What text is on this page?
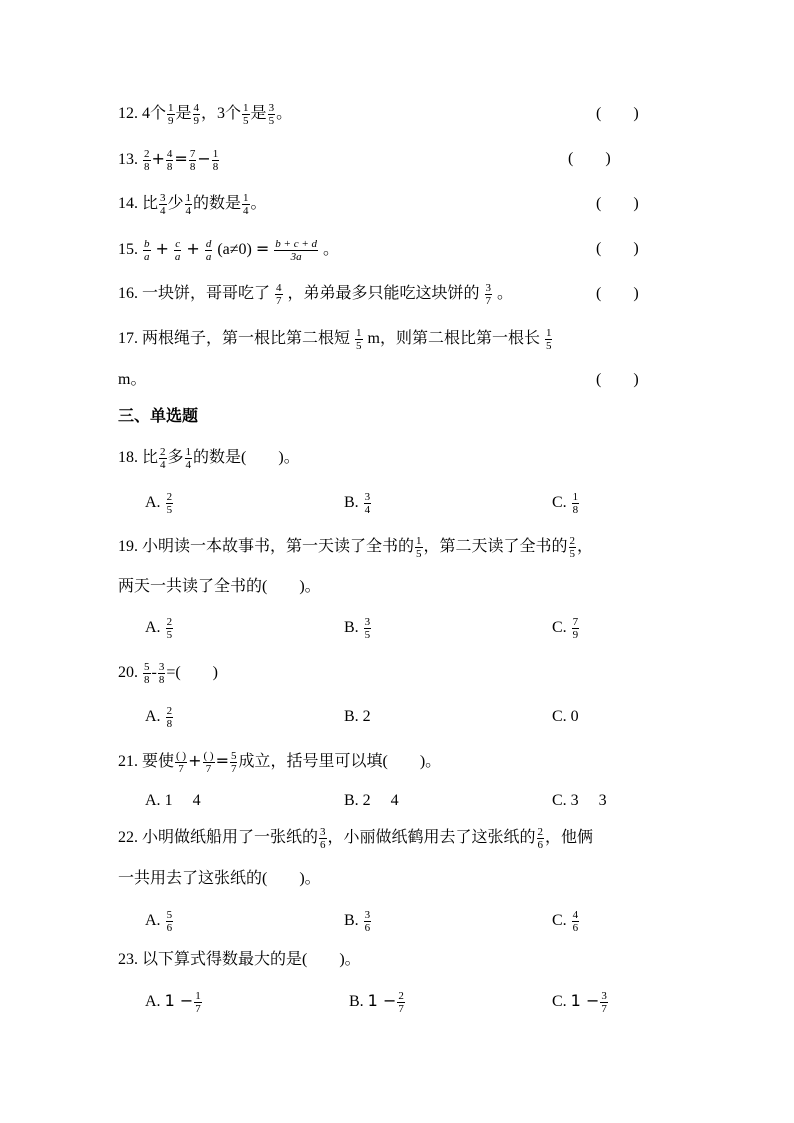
12. 4个 $\frac{1}{9}$ 是 $\frac{4}{9}$ ，3个 $\frac{1}{5}$ 是 $\frac{3}{5}$ 。	(　　)
13. $\frac{2}{8} + \frac{4}{8} = \frac{7}{8} - \frac{1}{8}$	(　　)
14. 比 $\frac{3}{4}$ 少 $\frac{1}{4}$ 的数是 $\frac{1}{4}$ 。	(　　)
15. $\frac{b}{a} + \frac{c}{a} + \frac{d}{a} (a\ne 0) = \frac{b + c + d}{3a}$ 。	(　　)
16. 一块饼，哥哥吃了 $\frac{4}{7}$ ，弟弟最多只能吃这块饼的 $\frac{3}{7}$ 。	(　　)
17. 两根绳子，第一根比第二根短 $\frac{1}{5}$ m，则第二根比第一根长 $\frac{1}{5}$
m。	(　　)
三、单选题
18. 比 $\frac{2}{4}$ 多 $\frac{1}{4}$ 的数是(　　)。
A. $\frac{2}{5}$	B. $\frac{3}{4}$	C. $\frac{1}{8}$
19. 小明读一本故事书，第一天读了全书的 $\frac{1}{5}$ ，第二天读了全书的 $\frac{2}{5}$ ，
两天一共读了全书的(　　)。
A. $\frac{2}{5}$	B. $\frac{3}{5}$	C. $\frac{7}{9}$
20. $\frac{5}{8} - \frac{3}{8}$ =(　　)
A. $\frac{2}{8}$	B. 2	C. 0
21. 要使 ( )
7 + ( )
$7 = \frac{5}{7}$ 成立，括号里可以填(　　)。
A. 1　 4	B. 2　 4	C. 3　 3
22. 小明做纸船用了一张纸的 $\frac{3}{6}$ ，小丽做纸鹤用去了这张纸的 $\frac{2}{6}$ ，他俩
一共用去了这张纸的(　　)。
A. $\frac{5}{6}$	B. $\frac{3}{6}$	C. $\frac{4}{6}$
23. 以下算式得数最大的是(　　)。
A. $1 - \frac{1}{7}$	B. $1 - \frac{2}{7}$	C. $1 - \frac{3}{7}$
